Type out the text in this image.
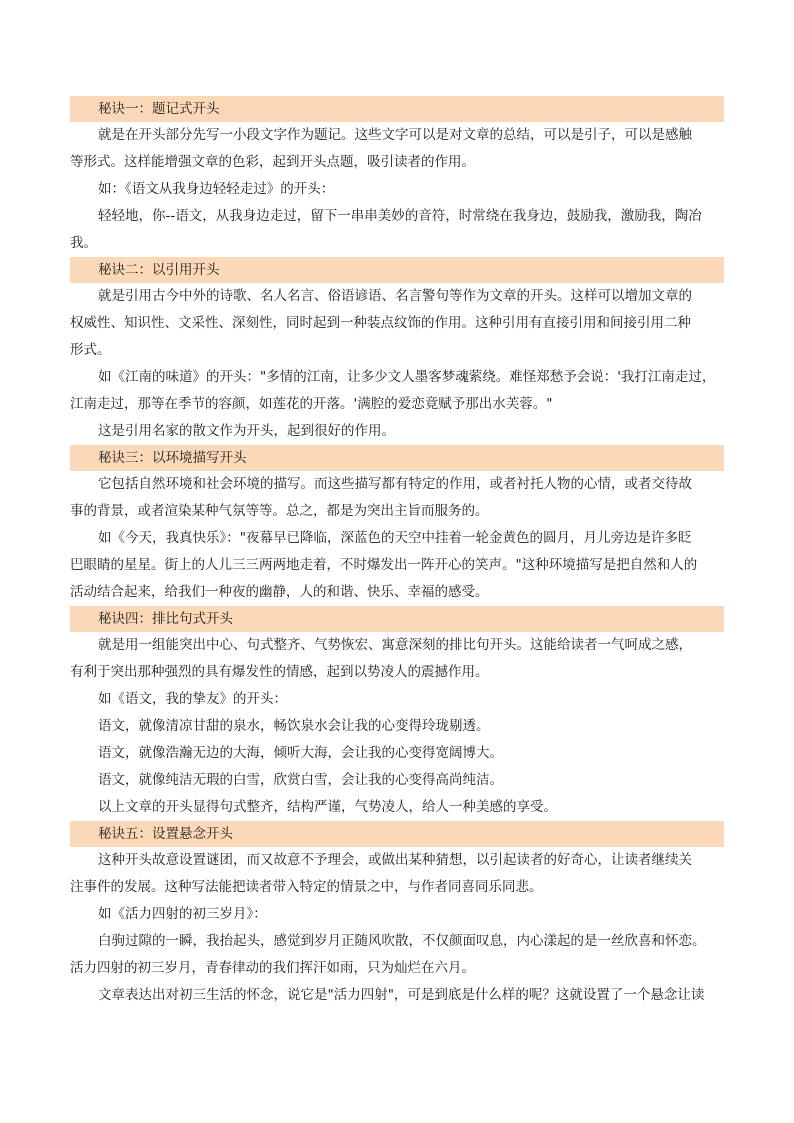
秘诀一：题记式开头

就是在开头部分先写一小段文字作为题记。这些文字可以是对文章的总结，可以是引子，可以是感触
等形式。这样能增强文章的色彩，起到开头点题，吸引读者的作用。

如：《语文从我身边轻轻走过》的开头：

轻轻地，你--语文，从我身边走过，留下一串串美妙的音符，时常绕在我身边，鼓励我，激励我，陶冶
我。

秘诀二：以引用开头

就是引用古今中外的诗歌、名人名言、俗语谚语、名言警句等作为文章的开头。这样可以增加文章的
权威性、知识性、文采性、深刻性，同时起到一种装点纹饰的作用。这种引用有直接引用和间接引用二种
形式。

如《江南的味道》的开头："多情的江南，让多少文人墨客梦魂萦绕。难怪郑愁予会说：'我打江南走过，
江南走过，那等在季节的容颜，如莲花的开落。'满腔的爱恋竟赋予那出水芙蓉。"

这是引用名家的散文作为开头，起到很好的作用。

秘诀三：以环境描写开头

它包括自然环境和社会环境的描写。而这些描写都有特定的作用，或者衬托人物的心情，或者交待故
事的背景，或者渲染某种气氛等等。总之，都是为突出主旨而服务的。

如《今天，我真快乐》："夜幕早已降临，深蓝色的天空中挂着一轮金黄色的圆月，月儿旁边是许多眨
巴眼睛的星星。街上的人儿三三两两地走着，不时爆发出一阵开心的笑声。"这种环境描写是把自然和人的
活动结合起来，给我们一种夜的幽静，人的和谐、快乐、幸福的感受。

秘诀四：排比句式开头

就是用一组能突出中心、句式整齐、气势恢宏、寓意深刻的排比句开头。这能给读者一气呵成之感，
有利于突出那种强烈的具有爆发性的情感，起到以势凌人的震撼作用。

如《语文，我的挚友》的开头：

语文，就像清凉甘甜的泉水，畅饮泉水会让我的心变得玲珑剔透。

语文，就像浩瀚无边的大海，倾听大海，会让我的心变得宽阔博大。

语文，就像纯洁无瑕的白雪，欣赏白雪，会让我的心变得高尚纯洁。

以上文章的开头显得句式整齐，结构严谨，气势凌人，给人一种美感的享受。

秘诀五：设置悬念开头

这种开头故意设置谜团，而又故意不予理会，或做出某种猜想，以引起读者的好奇心，让读者继续关
注事件的发展。这种写法能把读者带入特定的情景之中，与作者同喜同乐同悲。

如《活力四射的初三岁月》：

白驹过隙的一瞬，我抬起头，感觉到岁月正随风吹散，不仅颜面叹息，内心漾起的是一丝欣喜和怀恋。
活力四射的初三岁月，青春律动的我们挥汗如雨，只为灿烂在六月。

文章表达出对初三生活的怀念，说它是"活力四射"，可是到底是什么样的呢？这就设置了一个悬念让读
